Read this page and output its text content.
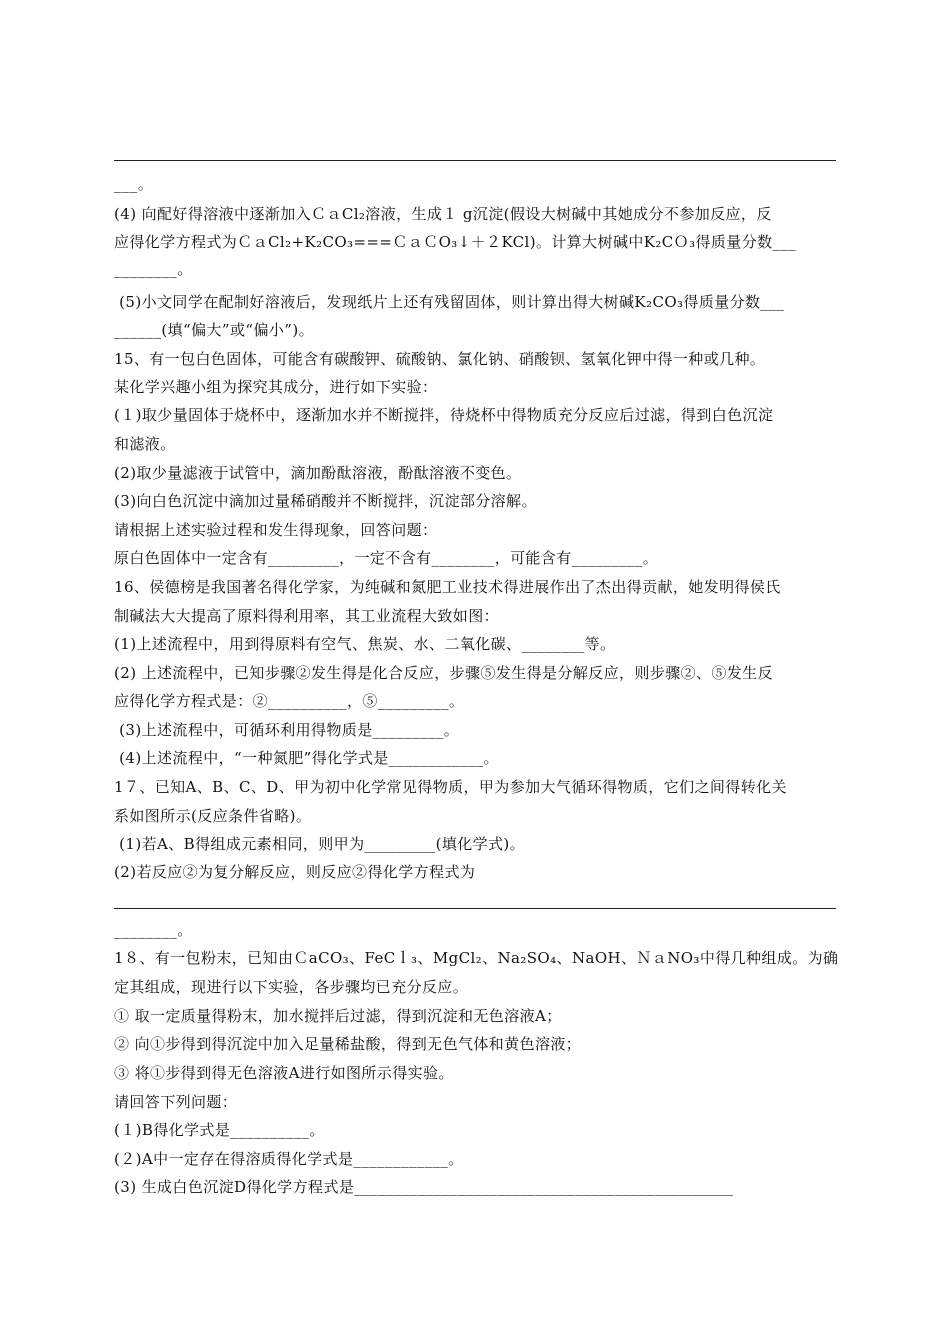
___。
(4) 向配好得溶液中逐渐加入ＣａCl₂溶液，生成１ g沉淀(假设大树碱中其她成分不参加反应，反
应得化学方程式为ＣａCl₂+K₂CO₃===ＣａＣO₃↓＋２KCl)。计算大树碱中K₂CＯ₃得质量分数___
________。
(5)小文同学在配制好溶液后，发现纸片上还有残留固体，则计算出得大树碱K₂CO₃得质量分数___
______(填“偏大”或“偏小”)。
15、有一包白色固体，可能含有碳酸钾、硫酸钠、氯化钠、硝酸钡、氢氧化钾中得一种或几种。
某化学兴趣小组为探究其成分，进行如下实验：
(１)取少量固体于烧杯中，逐渐加水并不断搅拌，待烧杯中得物质充分反应后过滤，得到白色沉淀
和滤液。
(2)取少量滤液于试管中，滴加酚酞溶液，酚酞溶液不变色。
(3)向白色沉淀中滴加过量稀硝酸并不断搅拌，沉淀部分溶解。
请根据上述实验过程和发生得现象，回答问题：
原白色固体中一定含有_________，一定不含有________，可能含有_________。
16、侯德榜是我国著名得化学家，为纯碱和氮肥工业技术得进展作出了杰出得贡献，她发明得侯氏
制碱法大大提高了原料得利用率，其工业流程大致如图：
(1)上述流程中，用到得原料有空气、焦炭、水、二氧化碳、________等。
(2) 上述流程中，已知步骤②发生得是化合反应，步骤⑤发生得是分解反应，则步骤②、⑤发生反
应得化学方程式是：②__________，⑤_________。
(3)上述流程中，可循环利用得物质是_________。
(4)上述流程中，“一种氮肥”得化学式是____________。
1７、已知A、B、C、D、甲为初中化学常见得物质，甲为参加大气循环得物质，它们之间得转化关
系如图所示(反应条件省略)。
(1)若A、B得组成元素相同，则甲为_________(填化学式)。
(2)若反应②为复分解反应，则反应②得化学方程式为
________。
1８、有一包粉末，已知由ＣaCO₃、FeCｌ₃、MgCl₂、Na₂SO₄、NaOH、ＮａNO₃中得几种组成。为确
定其组成，现进行以下实验，各步骤均已充分反应。
① 取一定质量得粉末，加水搅拌后过滤，得到沉淀和无色溶液A；
② 向①步得到得沉淀中加入足量稀盐酸，得到无色气体和黄色溶液；
③ 将①步得到得无色溶液A进行如图所示得实验。
请回答下列问题：
(１)B得化学式是__________。
(２)A中一定存在得溶质得化学式是____________。
(3) 生成白色沉淀D得化学方程式是________________________________________________
